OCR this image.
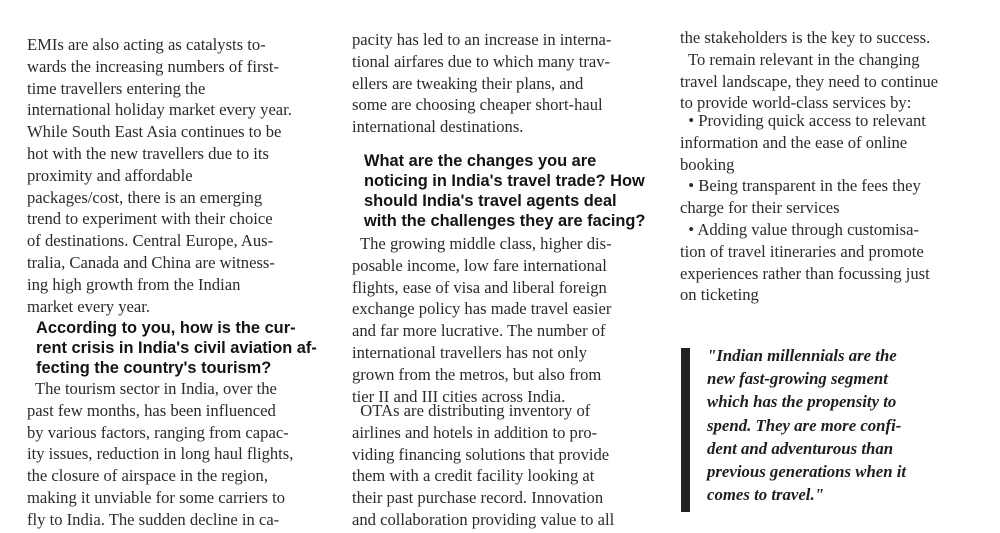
EMIs are also acting as catalysts to-
wards the increasing numbers of first-
time travellers entering the
international holiday market every year.
While South East Asia continues to be
hot with the new travellers due to its
proximity and affordable
packages/cost, there is an emerging
trend to experiment with their choice
of destinations. Central Europe, Aus-
tralia, Canada and China are witness-
ing high growth from the Indian
market every year.
According to you, how is the cur-
rent crisis in India's civil aviation af-
fecting the country's tourism?
The tourism sector in India, over the
past few months, has been influenced
by various factors, ranging from capac-
ity issues, reduction in long haul flights,
the closure of airspace in the region,
making it unviable for some carriers to
fly to India. The sudden decline in ca-
pacity has led to an increase in interna-
tional airfares due to which many trav-
ellers are tweaking their plans, and
some are choosing cheaper short-haul
international destinations.
What are the changes you are
noticing in India's travel trade? How
should India's travel agents deal
with the challenges they are facing?
The growing middle class, higher dis-
posable income, low fare international
flights, ease of visa and liberal foreign
exchange policy has made travel easier
and far more lucrative. The number of
international travellers has not only
grown from the metros, but also from
tier II and III cities across India.
OTAs are distributing inventory of
airlines and hotels in addition to pro-
viding financing solutions that provide
them with a credit facility looking at
their past purchase record. Innovation
and collaboration providing value to all
the stakeholders is the key to success.
To remain relevant in the changing
travel landscape, they need to continue
to provide world-class services by:
• Providing quick access to relevant
information and the ease of online
booking
• Being transparent in the fees they
charge for their services
• Adding value through customisa-
tion of travel itineraries and promote
experiences rather than focussing just
on ticketing
"Indian millennials are the
new fast-growing segment
which has the propensity to
spend. They are more confi-
dent and adventurous than
previous generations when it
comes to travel."
